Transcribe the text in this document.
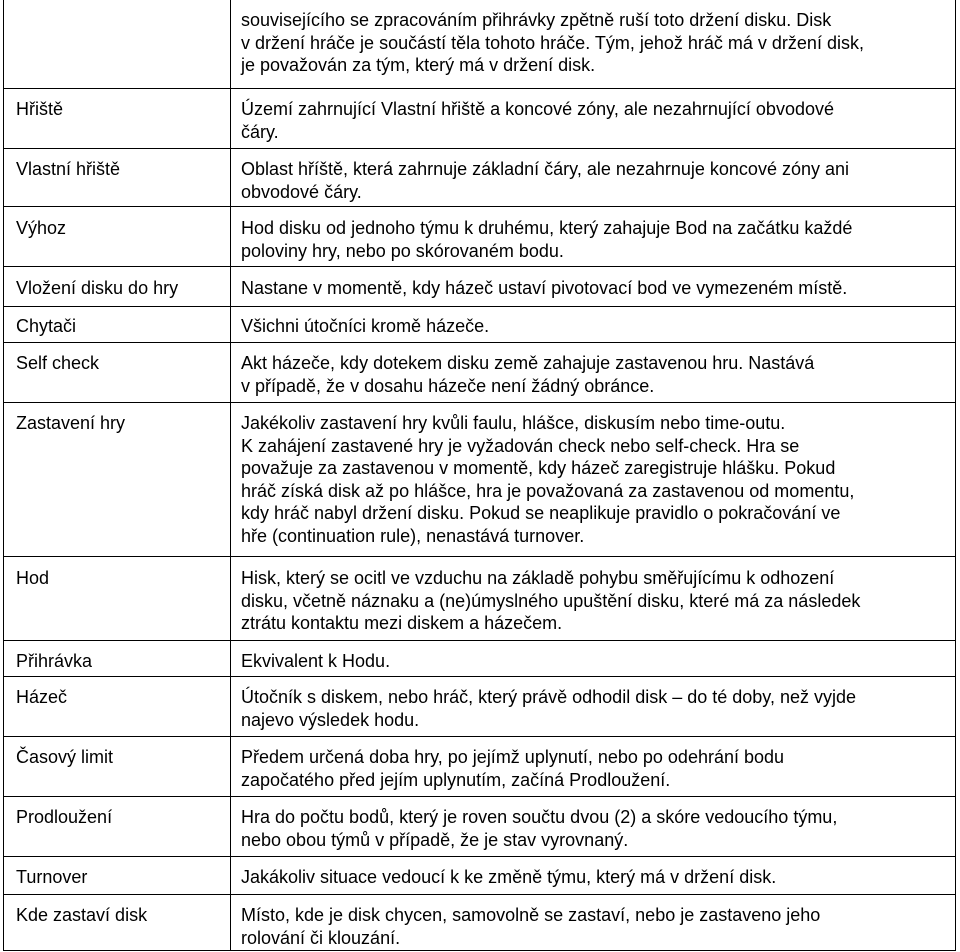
souvisejícího se zpracováním přihrávky zpětně ruší toto držení disku. Disk
v držení hráče je součástí těla tohoto hráče. Tým, jehož hráč má v držení disk,
je považován za tým, který má v držení disk.
Hřiště	Území zahrnující Vlastní hřiště a koncové zóny, ale nezahrnující obvodové
čáry.
Vlastní hřiště	Oblast hříště, která zahrnuje základní čáry, ale nezahrnuje koncové zóny ani
obvodové čáry.
Výhoz	Hod disku od jednoho týmu k druhému, který zahajuje Bod na začátku každé
poloviny hry, nebo po skórovaném bodu.
Vložení disku do hry	Nastane v momentě, kdy házeč ustaví pivotovací bod ve vymezeném místě.
Chytači	Všichni útočníci kromě házeče.
Self check	Akt házeče, kdy dotekem disku země zahajuje zastavenou hru. Nastává
v případě, že v dosahu házeče není žádný obránce.
Zastavení hry	Jakékoliv zastavení hry kvůli faulu, hlášce, diskusím nebo time-outu.
K zahájení zastavené hry je vyžadován check nebo self-check. Hra se
považuje za zastavenou v momentě, kdy házeč zaregistruje hlášku. Pokud
hráč získá disk až po hlášce, hra je považovaná za zastavenou od momentu,
kdy hráč nabyl držení disku. Pokud se neaplikuje pravidlo o pokračování ve
hře (continuation rule), nenastává turnover.
Hod	Hisk, který se ocitl ve vzduchu na základě pohybu směřujícímu k odhození
disku, včetně náznaku a (ne)úmyslného upuštění disku, které má za následek
ztrátu kontaktu mezi diskem a házečem.
Přihrávka	Ekvivalent k Hodu.
Házeč	Útočník s diskem, nebo hráč, který právě odhodil disk – do té doby, než vyjde
najevo výsledek hodu.
Časový limit	Předem určená doba hry, po jejímž uplynutí, nebo po odehrání bodu
započatého před jejím uplynutím, začíná Prodloužení.
Prodloužení	Hra do počtu bodů, který je roven součtu dvou (2) a skóre vedoucího týmu,
nebo obou týmů v případě, že je stav vyrovnaný.
Turnover	Jakákoliv situace vedoucí k ke změně týmu, který má v držení disk.
Kde zastaví disk	Místo, kde je disk chycen, samovolně se zastaví, nebo je zastaveno jeho
rolování či klouzání.
